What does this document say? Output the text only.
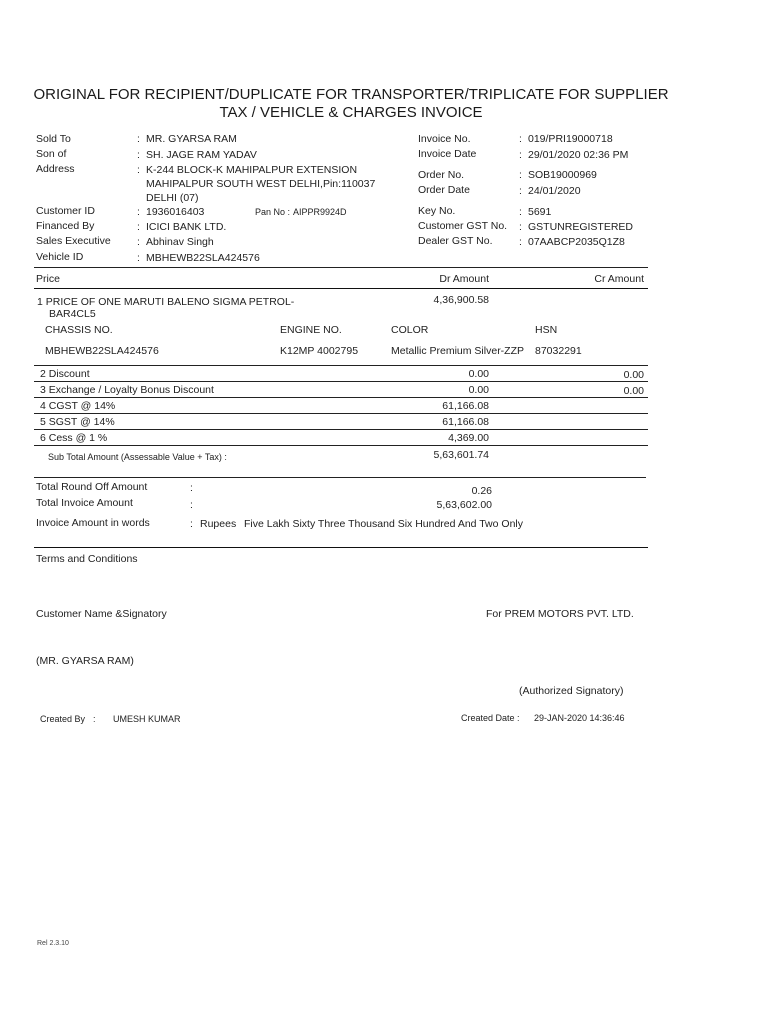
ORIGINAL FOR RECIPIENT/DUPLICATE FOR TRANSPORTER/TRIPLICATE FOR SUPPLIER
TAX / VEHICLE & CHARGES INVOICE
Sold To	: MR. GYARSA RAM
Son of	: SH. JAGE RAM YADAV
Address	: K-244 BLOCK-K MAHIPALPUR EXTENSION
MAHIPALPUR SOUTH WEST DELHI,Pin:110037
DELHI (07)
Customer ID	: 1936016403	Pan No : AIPPR9924D
Financed By	: ICICI BANK LTD.
Sales Executive	: Abhinav Singh
Vehicle ID	: MBHEWB22SLA424576
Invoice No.	: 019/PRI19000718
Invoice Date	: 29/01/2020 02:36 PM
Order No.	: SOB19000969
Order Date	: 24/01/2020
Key No.	: 5691
Customer GST No. : GSTUNREGISTERED
Dealer GST No.	: 07AABCP2035Q1Z8
Price	Dr Amount	Cr Amount
1 PRICE OF ONE MARUTI BALENO SIGMA PETROL-
BAR4CL5
4,36,900.58
CHASSIS NO.	ENGINE NO.	COLOR	HSN
MBHEWB22SLA424576	K12MP 4002795	Metallic Premium Silver-ZZP 87032291
2 Discount	0.00	0.00
3 Exchange / Loyalty Bonus Discount	0.00	0.00
4 CGST @ 14%	61,166.08
5 SGST @ 14%	61,166.08
6 Cess @ 1 %	4,369.00
Sub Total Amount (Assessable Value + Tax) :	5,63,601.74
Total Round Off Amount	:	0.26
Total Invoice Amount	:	5,63,602.00
Invoice Amount in words	: Rupees Five Lakh Sixty Three Thousand Six Hundred And Two Only
Terms and Conditions
Customer Name &Signatory	For PREM MOTORS PVT. LTD.
(MR. GYARSA RAM)
(Authorized Signatory)
Created By : UMESH KUMAR	Created Date : 29-JAN-2020 14:36:46
Rel 2.3.10
